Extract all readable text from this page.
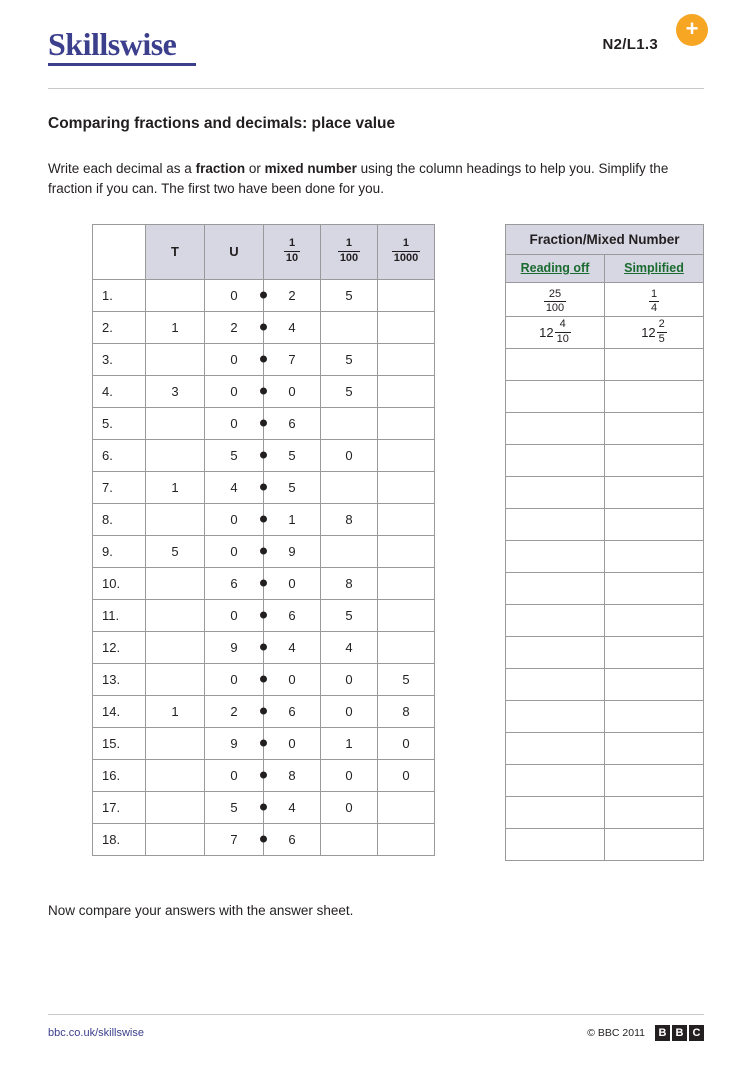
Skillswise	N2/L1.3
+
Comparing fractions and decimals: place value

Write each decimal as a fraction or mixed number using the column headings to help you. Simplify the fraction if you can. The first two have been done for you.

	T	U	$\frac{1}{10}$	$\frac{1}{100}$	$\frac{1}{1000}$

1.		0	2	5	
2.	1	2	4		
3.		0	7	5	
4.	3	0	0	5	
5.		0	6		
6.		5	5	0	
7.	1	4	5		
8.		0	1	8	
9.	5	0	9		
10.		6	0	8	
11.		0	6	5	
12.		9	4	4	
13.		0	0	0	5
14.	1	2	6	0	8
15.		9	0	1	0
16.		0	8	0	0
17.		5	4	0	
18.		7	6		
Fraction/Mixed Number	
Reading off	Simplified

$\frac{25}{100}$	$\frac{1}{4}$

$12 \frac{4}{10}$	$12 \frac{2}{5}$

Now compare your answers with the answer sheet.

bbc.co.uk/skillswise	© BBC 2011	B B C
